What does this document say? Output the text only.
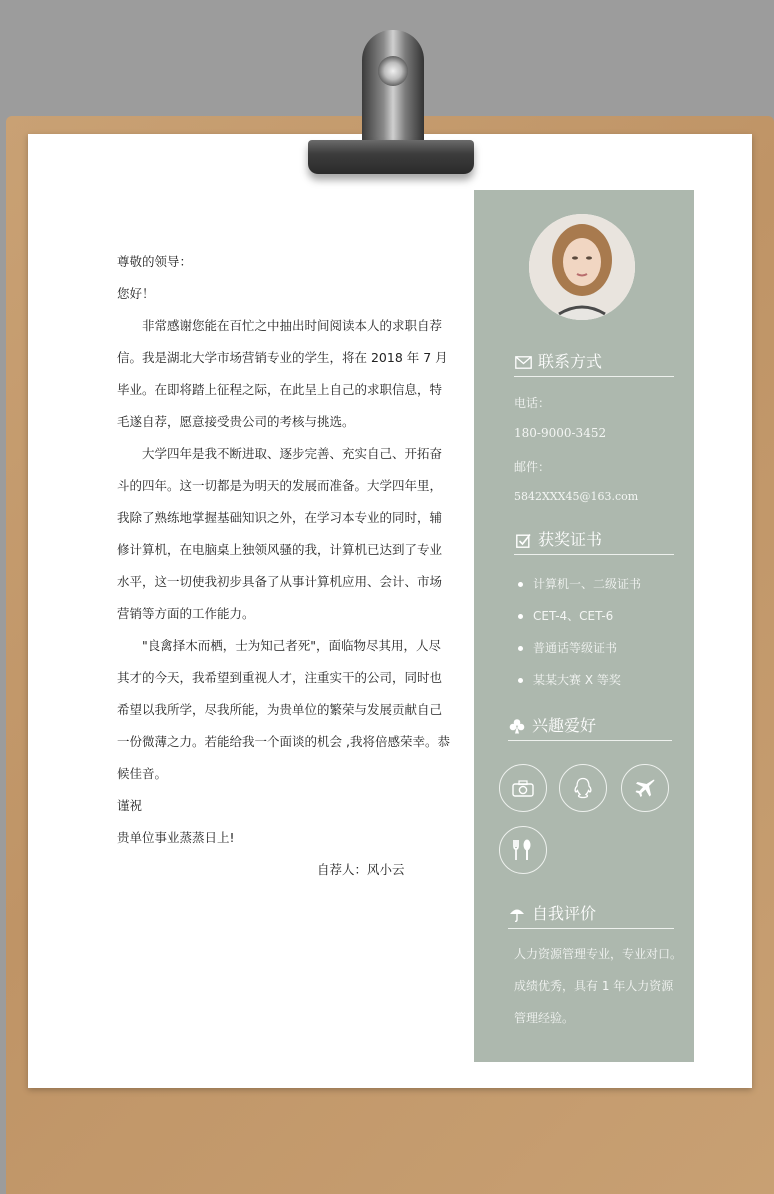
尊敬的领导：

您好！

非常感谢您能在百忙之中抽出时间阅读本人的求职自荐信。我是湖北大学市场营销专业的学生，将在 2018 年 7 月毕业。在即将踏上征程之际，在此呈上自己的求职信息，特毛遂自荐，愿意接受贵公司的考核与挑选。

大学四年是我不断进取、逐步完善、充实自己、开拓奋斗的四年。这一切都是为明天的发展而准备。大学四年里，我除了熟练地掌握基础知识之外，在学习本专业的同时，辅修计算机，在电脑桌上独领风骚的我，计算机已达到了专业水平，这一切使我初步具备了从事计算机应用、会计、市场营销等方面的工作能力。

"良禽择木而栖，士为知己者死"，面临物尽其用，人尽其才的今天，我希望到重视人才，注重实干的公司，同时也希望以我所学，尽我所能，为贵单位的繁荣与发展贡献自己一份微薄之力。若能给我一个面谈的机会 ,我将倍感荣幸。恭候佳音。

谨祝

贵单位事业蒸蒸日上!

自荐人：风小云

联系方式
电话：
180-9000-3452
邮件：
5842XXX45@163.com
获奖证书
计算机一、二级证书
CET-4、CET-6
普通话等级证书
某某大赛 X 等奖
兴趣爱好
自我评价

人力资源管理专业，专业对口。

成绩优秀，具有 1 年人力资源

管理经验。
